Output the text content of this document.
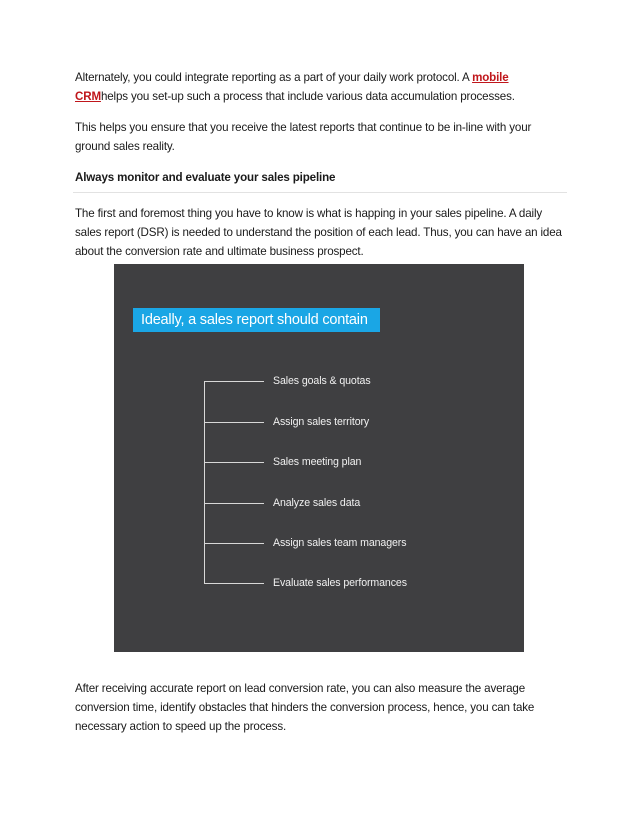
Alternately, you could integrate reporting as a part of your daily work protocol. A mobile
CRMhelps you set-up such a process that include various data accumulation processes.

This helps you ensure that you receive the latest reports that continue to be in-line with your ground sales reality.

Always monitor and evaluate your sales pipeline

The first and foremost thing you have to know is what is happing in your sales pipeline. A daily sales report (DSR) is needed to understand the position of each lead. Thus, you can have an idea about the conversion rate and ultimate business prospect.

Ideally, a sales report should contain
Sales goals & quotas
Assign sales territory
Sales meeting plan
Analyze sales data
Assign sales team managers
Evaluate sales performances

After receiving accurate report on lead conversion rate, you can also measure the average conversion time, identify obstacles that hinders the conversion process, hence, you can take necessary action to speed up the process.
